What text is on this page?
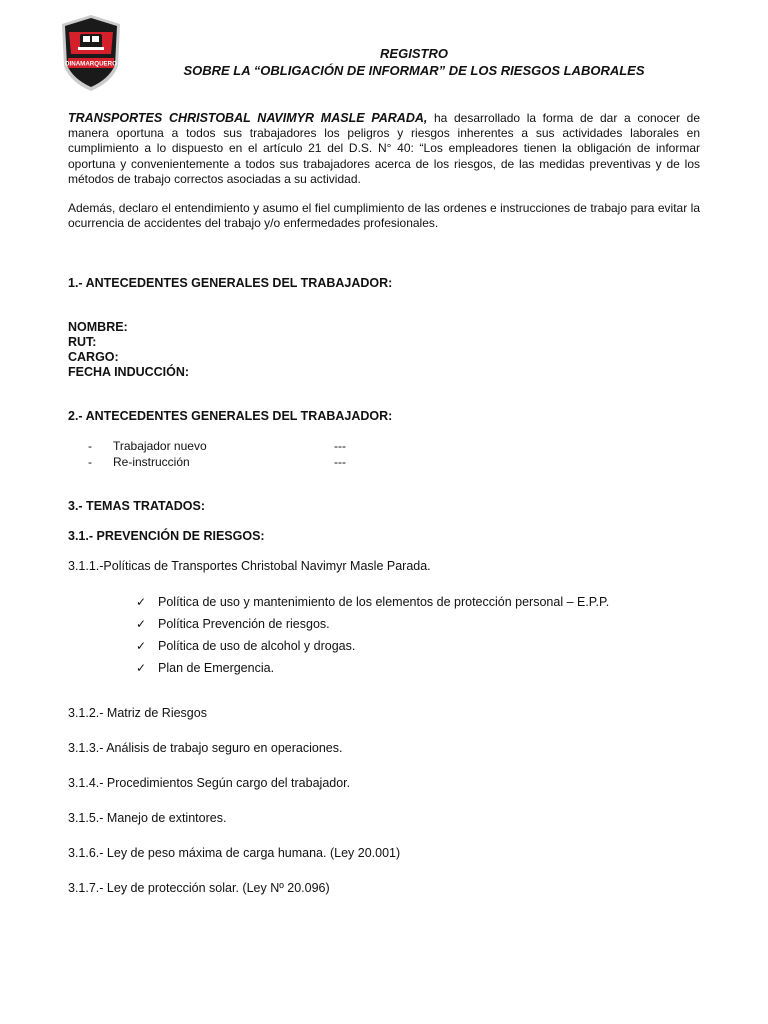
DINAMARQUERO
REGISTRO
SOBRE LA “OBLIGACIÓN DE INFORMAR” DE LOS RIESGOS LABORALES

TRANSPORTES CHRISTOBAL NAVIMYR MASLE PARADA, ha desarrollado la forma de dar a conocer de manera oportuna a todos sus trabajadores los peligros y riesgos inherentes a sus actividades laborales en cumplimiento a lo dispuesto en el artículo 21 del D.S. N° 40: “Los empleadores tienen la obligación de informar oportuna y convenientemente a todos sus trabajadores acerca de los riesgos, de las medidas preventivas y de los métodos de trabajo correctos asociadas a su actividad.

Además, declaro el entendimiento y asumo el fiel cumplimiento de las ordenes e instrucciones de trabajo para evitar la ocurrencia de accidentes del trabajo y/o enfermedades profesionales.

1.- ANTECEDENTES GENERALES DEL TRABAJADOR:
NOMBRE:
RUT:
CARGO:
FECHA INDUCCIÓN:
2.- ANTECEDENTES GENERALES DEL TRABAJADOR:
- Trabajador nuevo	---
- Re-instrucción	---
3.- TEMAS TRATADOS:
3.1.- PREVENCIÓN DE RIESGOS:
3.1.1.-Políticas de Transportes Christobal Navimyr Masle Parada.
✓ Política de uso y mantenimiento de los elementos de protección personal – E.P.P.
✓ Política Prevención de riesgos.
✓ Política de uso de alcohol y drogas.
✓ Plan de Emergencia.
3.1.2.- Matriz de Riesgos
3.1.3.- Análisis de trabajo seguro en operaciones.
3.1.4.- Procedimientos Según cargo del trabajador.
3.1.5.- Manejo de extintores.
3.1.6.- Ley de peso máxima de carga humana. (Ley 20.001)
3.1.7.- Ley de protección solar. (Ley Nº 20.096)
